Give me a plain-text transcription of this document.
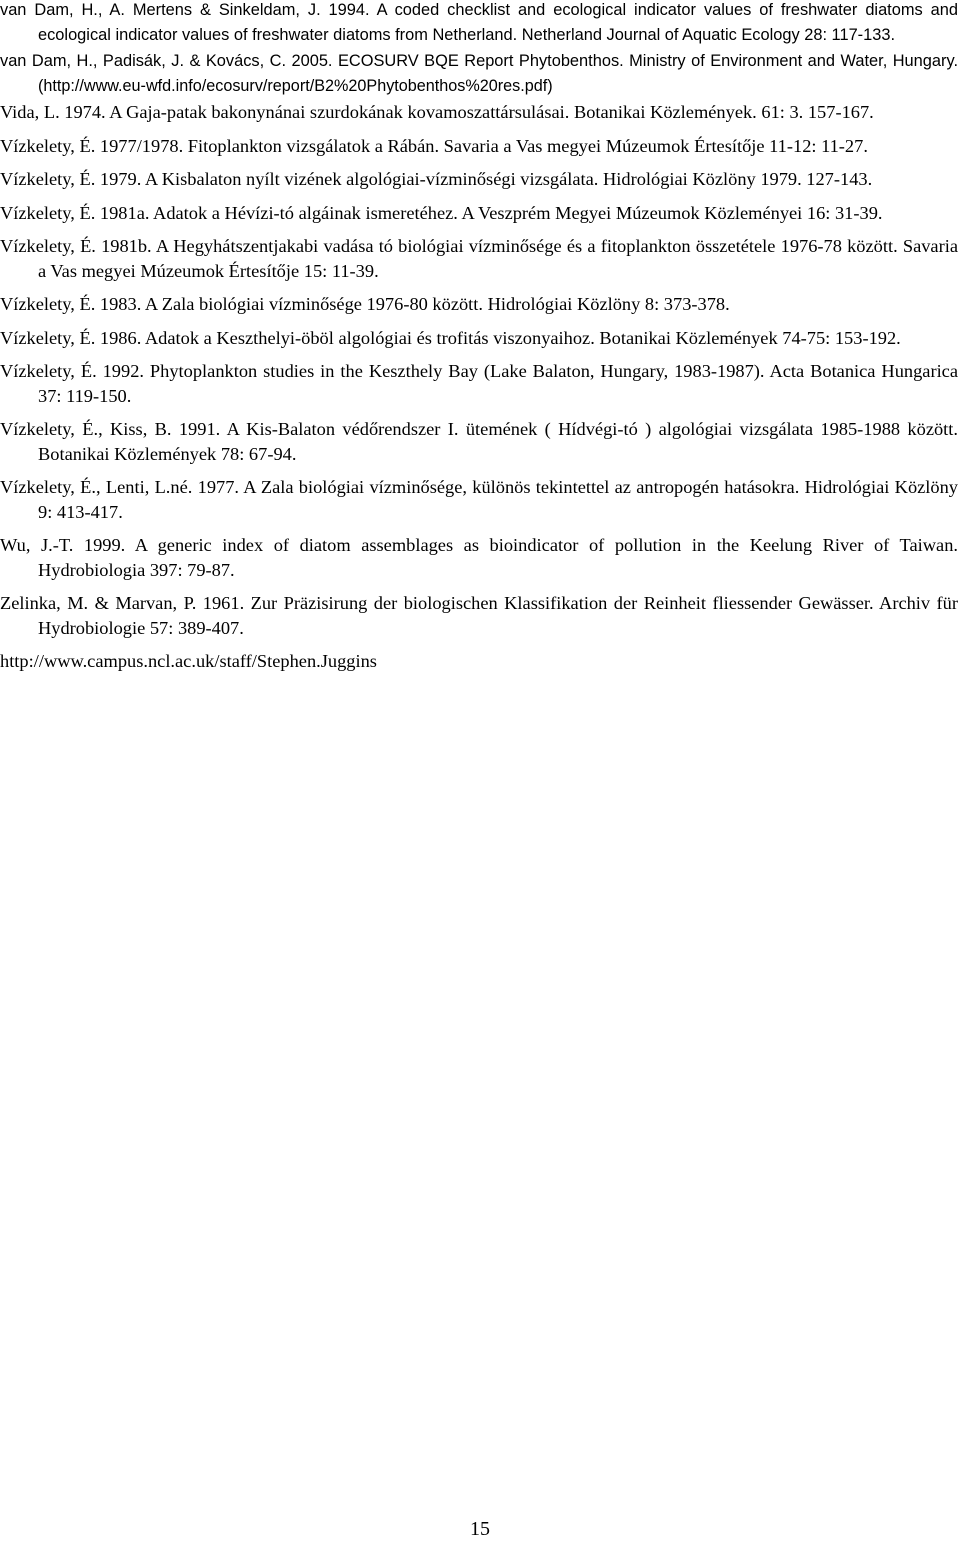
van Dam, H., A. Mertens & Sinkeldam, J. 1994. A coded checklist and ecological indicator values of freshwater diatoms and ecological indicator values of freshwater diatoms from Netherland. Netherland Journal of Aquatic Ecology 28: 117-133.

van Dam, H., Padisák, J. & Kovács, C. 2005. ECOSURV BQE Report Phytobenthos. Ministry of Environment and Water, Hungary. (http://www.eu-wfd.info/ecosurv/report/B2%20Phytobenthos%20res.pdf)

Vida, L. 1974. A Gaja-patak bakonynánai szurdokának kovamoszattársulásai. Botanikai Közlemények. 61: 3. 157-167.

Vízkelety, É. 1977/1978. Fitoplankton vizsgálatok a Rábán. Savaria a Vas megyei Múzeumok Értesítője 11-12: 11-27.

Vízkelety, É. 1979. A Kisbalaton nyílt vizének algológiai-vízminőségi vizsgálata. Hidrológiai Közlöny 1979. 127-143.

Vízkelety, É. 1981a. Adatok a Hévízi-tó algáinak ismeretéhez. A Veszprém Megyei Múzeumok Közleményei 16: 31-39.

Vízkelety, É. 1981b. A Hegyhátszentjakabi vadása tó biológiai vízminősége és a fitoplankton összetétele 1976-78 között. Savaria a Vas megyei Múzeumok Értesítője 15: 11-39.

Vízkelety, É. 1983. A Zala biológiai vízminősége 1976-80 között. Hidrológiai Közlöny 8: 373-378.

Vízkelety, É. 1986. Adatok a Keszthelyi-öböl algológiai és trofitás viszonyaihoz. Botanikai Közlemények 74-75: 153-192.

Vízkelety, É. 1992. Phytoplankton studies in the Keszthely Bay (Lake Balaton, Hungary, 1983-1987). Acta Botanica Hungarica 37: 119-150.

Vízkelety, É., Kiss, B. 1991. A Kis-Balaton védőrendszer I. ütemének ( Hídvégi-tó ) algológiai vizsgálata 1985-1988 között. Botanikai Közlemények 78: 67-94.

Vízkelety, É., Lenti, L.né. 1977. A Zala biológiai vízminősége, különös tekintettel az antropogén hatásokra. Hidrológiai Közlöny 9: 413-417.

Wu, J.-T. 1999. A generic index of diatom assemblages as bioindicator of pollution in the Keelung River of Taiwan. Hydrobiologia 397: 79-87.

Zelinka, M. & Marvan, P. 1961. Zur Präzisirung der biologischen Klassifikation der Reinheit fliessender Gewässer. Archiv für Hydrobiologie 57: 389-407.

http://www.campus.ncl.ac.uk/staff/Stephen.Juggins

15
